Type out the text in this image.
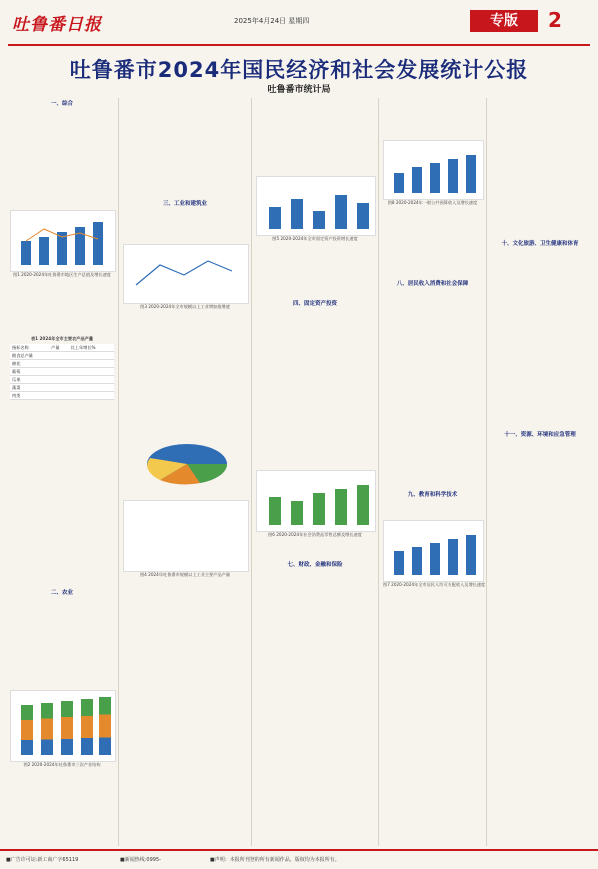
吐鲁番日报	2025年4月24日 星期四	专版	2
吐鲁番市2024年国民经济和社会发展统计公报
吐鲁番市统计局
一、综合
二、农业
图1 2020-2024年吐鲁番市地区生产总值及增长速度
表1 2024年全市主要农产品产量
指标名称	产量	比上年增长%
粮食总产量		
棉花		
葡萄		
瓜果		
蔬菜		
肉类		
图2 2020-2024年吐鲁番市三次产业结构
三、工业和建筑业
图3 2020-2024年全市规模以上工业增加值增速
图4 2024年吐鲁番市规模以上工业主要产品产量
四、固定资产投资
七、财政、金融和保险
图5 2020-2024年全市固定资产投资增长速度
图6 2020-2024年社会消费品零售总额及增长速度
八、居民收入消费和社会保障
九、教育和科学技术
图8 2020-2024年一般公共预算收入及增长速度
图7 2020-2024年全市居民人均可支配收入及增长速度
十、文化旅游、卫生健康和体育
十一、资源、环境和应急管理
■广告许可证:新工商广字65119	■新闻热线:0995-	■声明：本报所刊登的所有新闻作品，版权均为本报所有。
